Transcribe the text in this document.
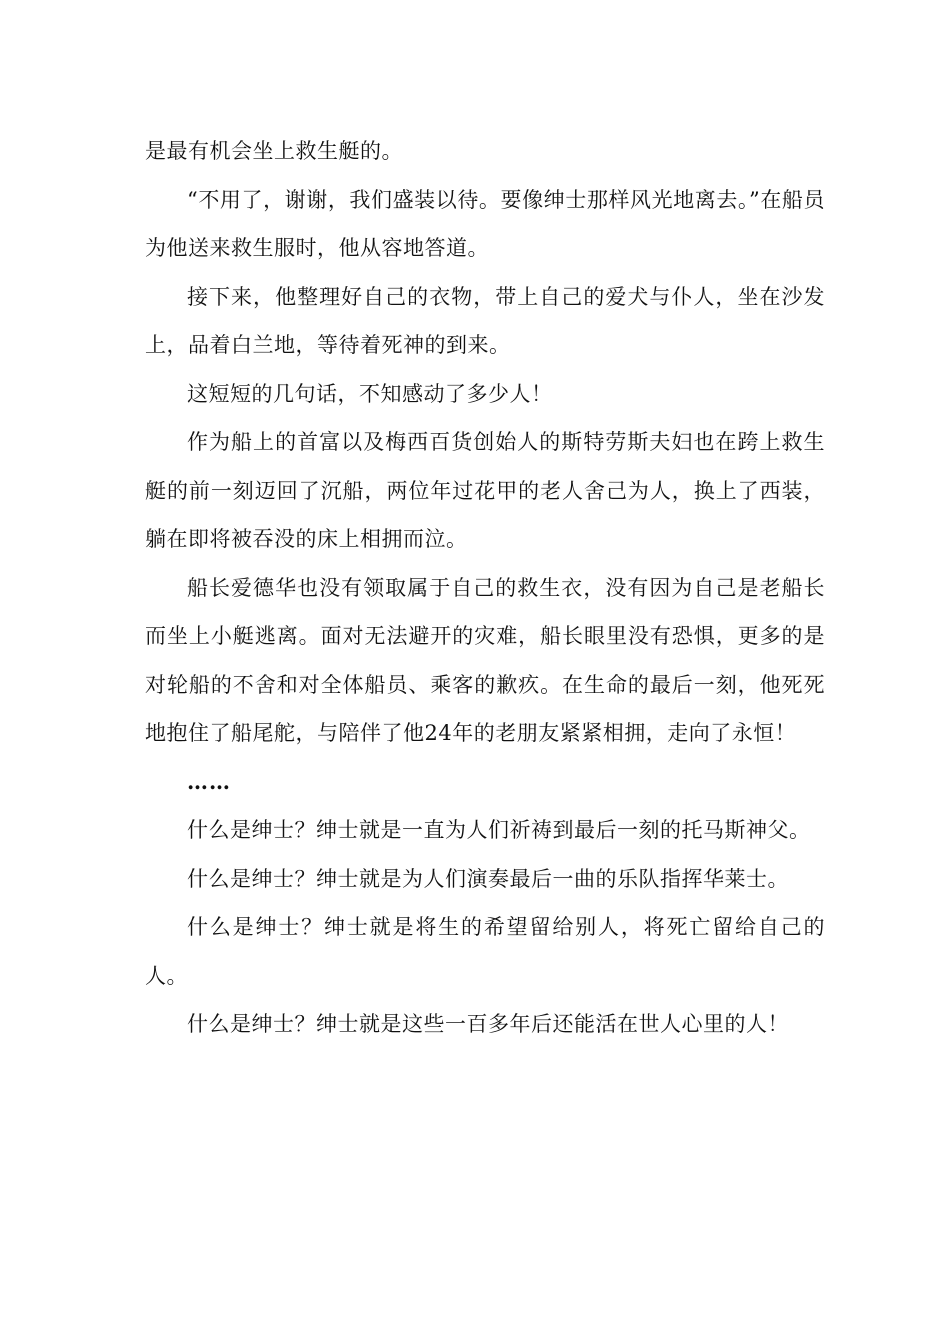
是最有机会坐上救生艇的。

“不用了，谢谢，我们盛装以待。要像绅士那样风光地离去。”在船员为他送来救生服时，他从容地答道。

接下来，他整理好自己的衣物，带上自己的爱犬与仆人，坐在沙发上，品着白兰地，等待着死神的到来。

这短短的几句话，不知感动了多少人！

作为船上的首富以及梅西百货创始人的斯特劳斯夫妇也在跨上救生艇的前一刻迈回了沉船，两位年过花甲的老人舍己为人，换上了西装，躺在即将被吞没的床上相拥而泣。

船长爱德华也没有领取属于自己的救生衣，没有因为自己是老船长而坐上小艇逃离。面对无法避开的灾难，船长眼里没有恐惧，更多的是对轮船的不舍和对全体船员、乘客的歉疚。在生命的最后一刻，他死死地抱住了船尾舵，与陪伴了他24年的老朋友紧紧相拥，走向了永恒！

……

什么是绅士？绅士就是一直为人们祈祷到最后一刻的托马斯神父。

什么是绅士？绅士就是为人们演奏最后一曲的乐队指挥华莱士。

什么是绅士？绅士就是将生的希望留给别人，将死亡留给自己的人。

什么是绅士？绅士就是这些一百多年后还能活在世人心里的人！
